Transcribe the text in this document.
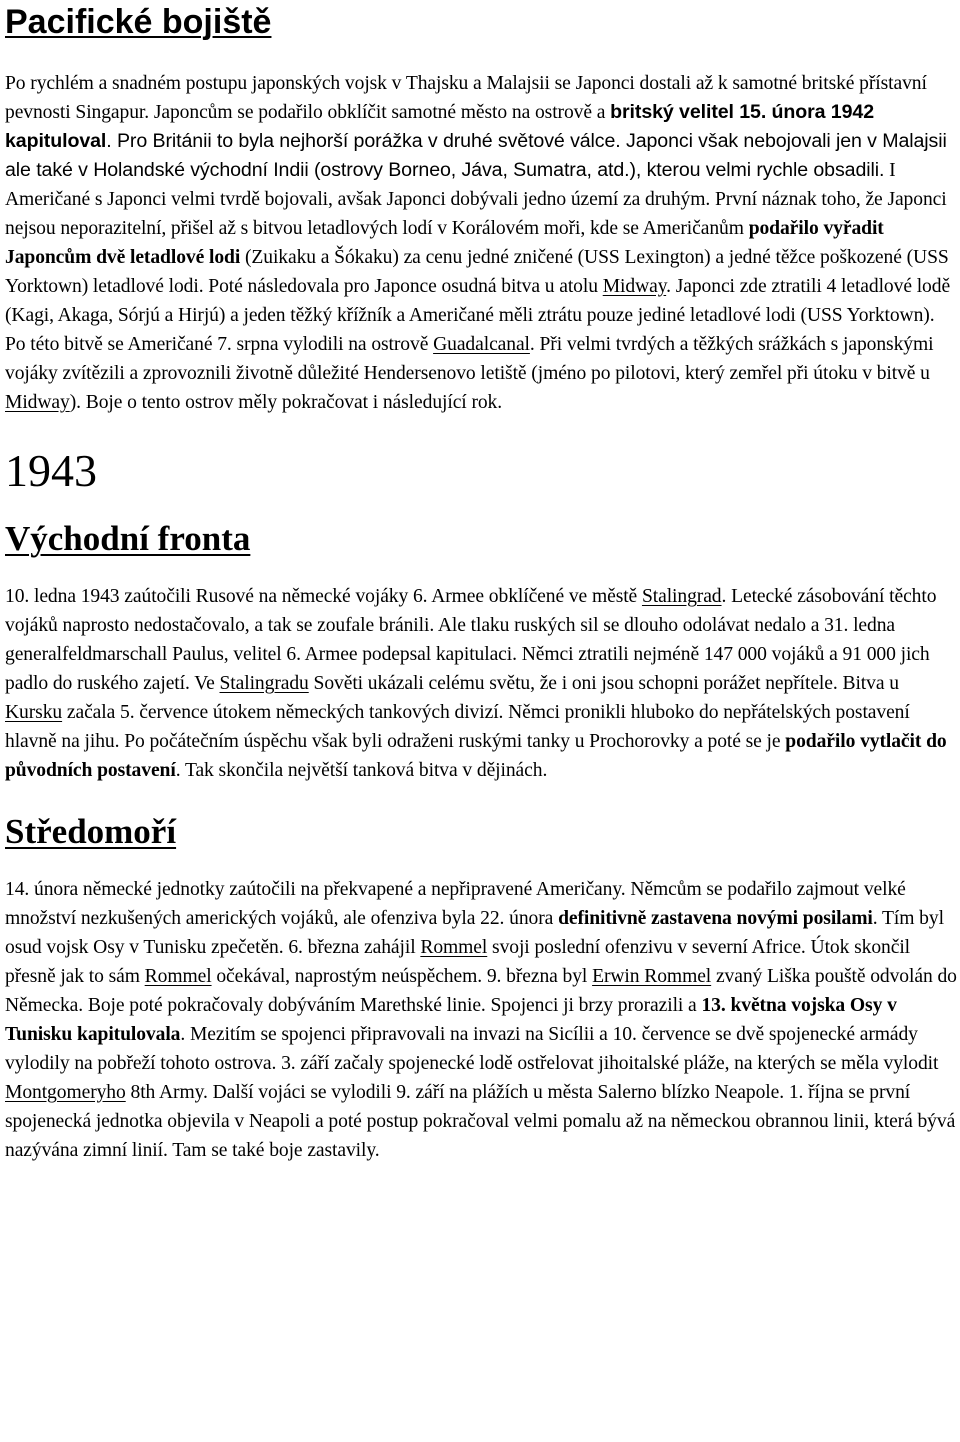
Pacifické bojiště

Po rychlém a snadném postupu japonských vojsk v Thajsku a Malajsii se Japonci dostali až k samotné britské přístavní pevnosti Singapur. Japoncům se podařilo obklíčit samotné město na ostrově a britský velitel 15. února 1942 kapituloval. Pro Británii to byla nejhorší porážka v druhé světové válce. Japonci však nebojovali jen v Malajsii ale také v Holandské východní Indii (ostrovy Borneo, Jáva, Sumatra, atd.), kterou velmi rychle obsadili. I Američané s Japonci velmi tvrdě bojovali, avšak Japonci dobývali jedno území za druhým. První náznak toho, že Japonci nejsou neporazitelní, přišel až s bitvou letadlových lodí v Korálovém moři, kde se Američanům podařilo vyřadit Japoncům dvě letadlové lodi (Zuikaku a Šókaku) za cenu jedné zničené (USS Lexington) a jedné těžce poškozené (USS Yorktown) letadlové lodi. Poté následovala pro Japonce osudná bitva u atolu Midway. Japonci zde ztratili 4 letadlové lodě (Kagi, Akaga, Sórjú a Hirjú) a jeden těžký křížník a Američané měli ztrátu pouze jediné letadlové lodi (USS Yorktown). Po této bitvě se Američané 7. srpna vylodili na ostrově Guadalcanal. Při velmi tvrdých a těžkých srážkách s japonskými vojáky zvítězili a zprovoznili životně důležité Hendersenovo letiště (jméno po pilotovi, který zemřel při útoku v bitvě u Midway). Boje o tento ostrov měly pokračovat i následující rok.

1943
Východní fronta

10. ledna 1943 zaútočili Rusové na německé vojáky 6. Armee obklíčené ve městě Stalingrad. Letecké zásobování těchto vojáků naprosto nedostačovalo, a tak se zoufale bránili. Ale tlaku ruských sil se dlouho odolávat nedalo a 31. ledna generalfeldmarschall Paulus, velitel 6. Armee podepsal kapitulaci. Němci ztratili nejméně 147 000 vojáků a 91 000 jich padlo do ruského zajetí. Ve Stalingradu Sověti ukázali celému světu, že i oni jsou schopni porážet nepřítele. Bitva u Kursku začala 5. července útokem německých tankových divizí. Němci pronikli hluboko do nepřátelských postavení hlavně na jihu. Po počátečním úspěchu však byli odraženi ruskými tanky u Prochorovky a poté se je podařilo vytlačit do původních postavení. Tak skončila největší tanková bitva v dějinách.

Středomoří

14. února německé jednotky zaútočili na překvapené a nepřipravené Američany. Němcům se podařilo zajmout velké množství nezkušených amerických vojáků, ale ofenziva byla 22. února definitivně zastavena novými posilami. Tím byl osud vojsk Osy v Tunisku zpečetěn. 6. března zahájil Rommel svoji poslední ofenzivu v severní Africe. Útok skončil přesně jak to sám Rommel očekával, naprostým neúspěchem. 9. března byl Erwin Rommel zvaný Liška pouště odvolán do Německa. Boje poté pokračovaly dobýváním Marethské linie. Spojenci ji brzy prorazili a 13. května vojska Osy v Tunisku kapitulovala. Mezitím se spojenci připravovali na invazi na Sicílii a 10. července se dvě spojenecké armády vylodily na pobřeží tohoto ostrova. 3. září začaly spojenecké lodě ostřelovat jihoitalské pláže, na kterých se měla vylodit Montgomeryho 8th Army. Další vojáci se vylodili 9. září na plážích u města Salerno blízko Neapole. 1. října se první spojenecká jednotka objevila v Neapoli a poté postup pokračoval velmi pomalu až na německou obrannou linii, která bývá nazývána zimní linií. Tam se také boje zastavily.
